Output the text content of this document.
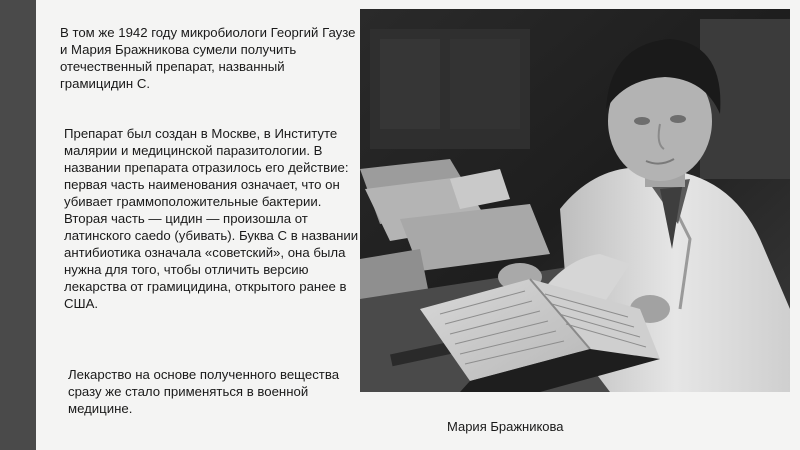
В том же 1942 году микробиологи Георгий Гаузе и Мария Бражникова сумели получить отечественный препарат, названный грамицидин С.

Препарат был создан в Москве, в Институте малярии и медицинской паразитологии. В названии препарата отразилось его действие: первая часть наименования означает, что он убивает граммоположительные бактерии. Вторая часть — цидин — произошла от латинского caedo (убивать). Буква С в названии антибиотика означала «советский», она была нужна для того, чтобы отличить версию лекарства от грамицидина, открытого ранее в США.

Лекарство на основе полученного вещества сразу же стало применяться в военной медицине.

Мария Бражникова
